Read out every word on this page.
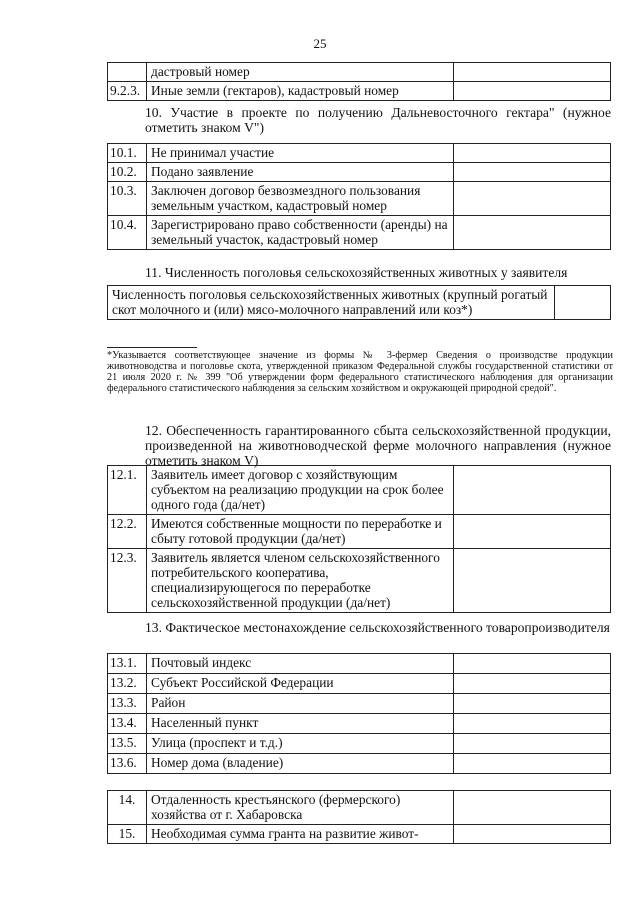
25
	дастровый номер	
9.2.3.	Иные земли (гектаров), кадастровый номер	
10. Участие в проекте по получению Дальневосточного гектара" (нужное отметить знаком V")
10.1.	Не принимал участие	
10.2.	Подано заявление	
10.3.	Заключен договор безвозмездного пользования земельным участком, кадастровый номер	
10.4.	Зарегистрировано право собственности (аренды) на земельный участок, кадастровый номер	
11. Численность поголовья сельскохозяйственных животных у заявителя
Численность поголовья сельскохозяйственных животных (крупный рогатый скот молочного и (или) мясо-молочного направлений или коз*)	
*Указывается соответствующее значение из формы № 3-фермер Сведения о производстве продукции животноводства и поголовье скота, утвержденной приказом Федеральной службы государственной статистики от 21 июля 2020 г. № 399 "Об утверждении форм федерального статистического наблюдения для организации федерального статистического наблюдения за сельским хозяйством и окружающей природной средой".
12. Обеспеченность гарантированного сбыта сельскохозяйственной продукции, произведенной на животноводческой ферме молочного направления (нужное отметить знаком V)
12.1.	Заявитель имеет договор с хозяйствующим субъектом на реализацию продукции на срок более одного года (да/нет)	
12.2.	Имеются собственные мощности по переработке и сбыту готовой продукции (да/нет)	
12.3.	Заявитель является членом сельскохозяйственного потребительского кооператива, специализирующегося по переработке сельскохозяйственной продукции (да/нет)	
13. Фактическое местонахождение сельскохозяйственного товаропроизводителя
13.1.	Почтовый индекс	
13.2.	Субъект Российской Федерации	
13.3.	Район	
13.4.	Населенный пункт	
13.5.	Улица (проспект и т.д.)	
13.6.	Номер дома (владение)	
14.	Отдаленность крестьянского (фермерского) хозяйства от г. Хабаровска	
15.	Необходимая сумма гранта на развитие живот-	
